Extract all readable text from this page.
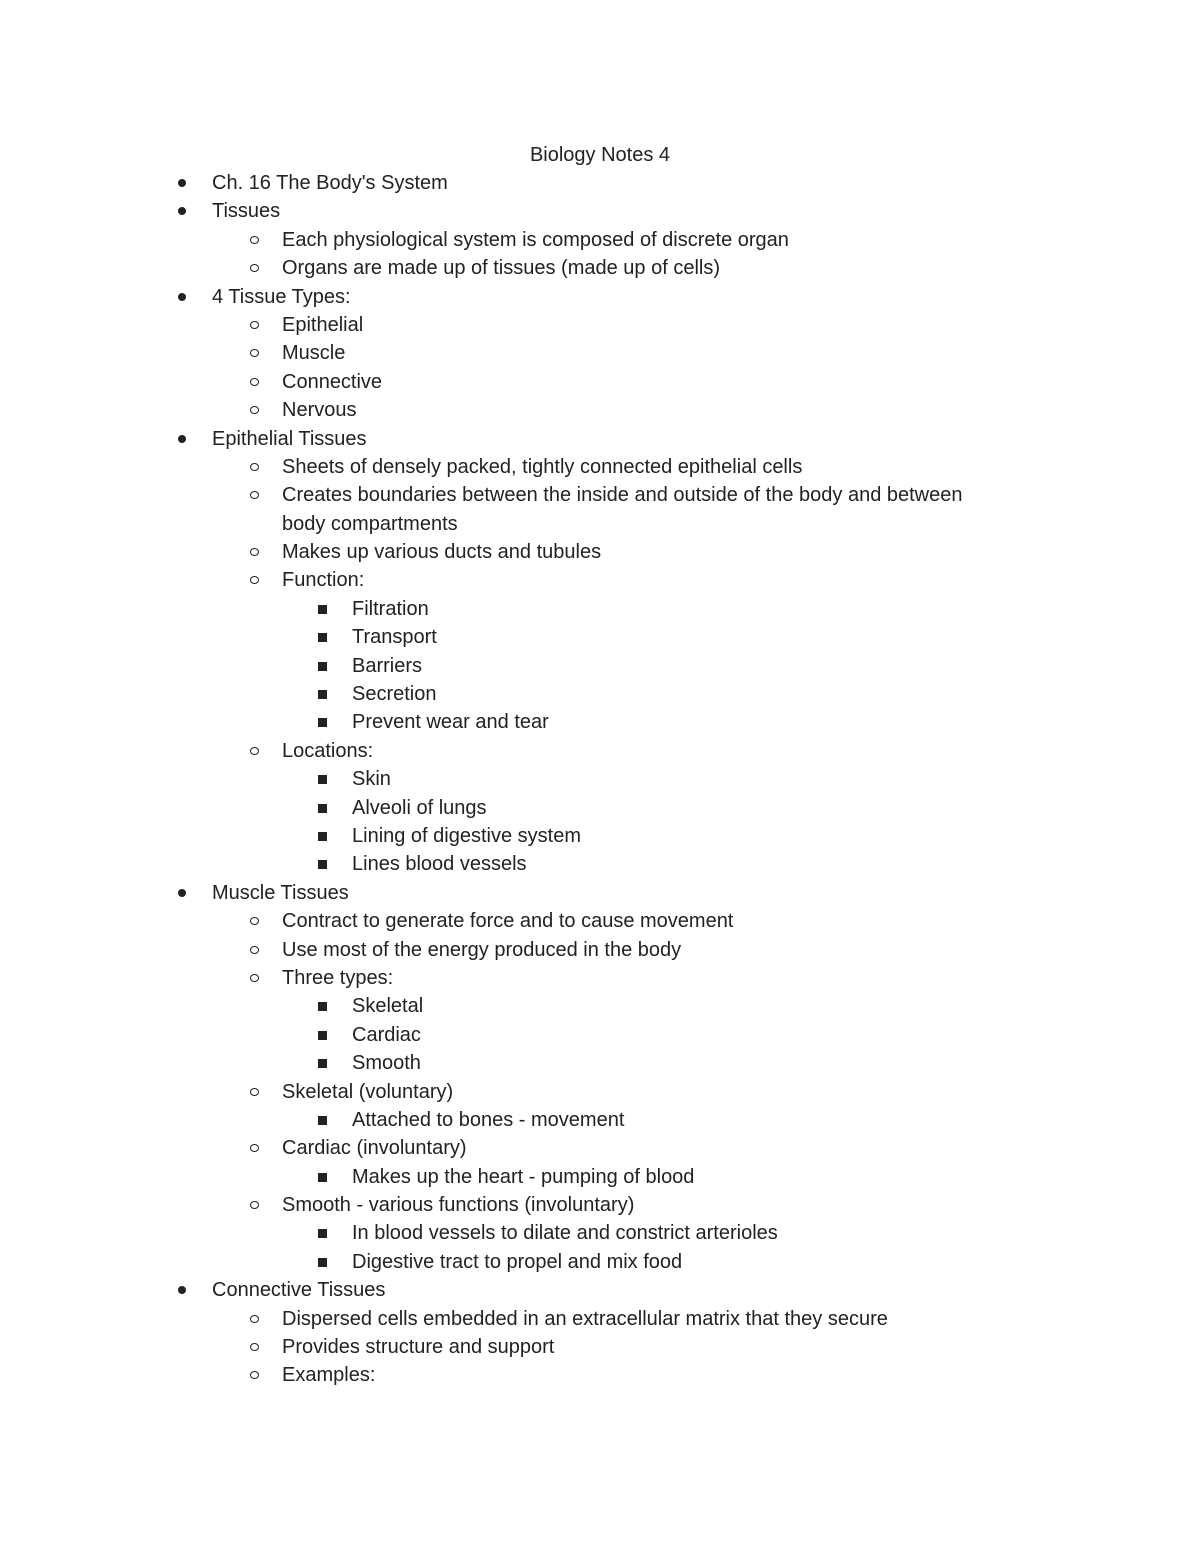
Biology Notes 4
Ch. 16 The Body's System
Tissues
Each physiological system is composed of discrete organ
Organs are made up of tissues (made up of cells)
4 Tissue Types:
Epithelial
Muscle
Connective
Nervous
Epithelial Tissues
Sheets of densely packed, tightly connected epithelial cells
Creates boundaries between the inside and outside of the body and between
body compartments
Makes up various ducts and tubules
Function:
Filtration
Transport
Barriers
Secretion
Prevent wear and tear
Locations:
Skin
Alveoli of lungs
Lining of digestive system
Lines blood vessels
Muscle Tissues
Contract to generate force and to cause movement
Use most of the energy produced in the body
Three types:
Skeletal
Cardiac
Smooth
Skeletal (voluntary)
Attached to bones - movement
Cardiac (involuntary)
Makes up the heart - pumping of blood
Smooth - various functions (involuntary)
In blood vessels to dilate and constrict arterioles
Digestive tract to propel and mix food
Connective Tissues
Dispersed cells embedded in an extracellular matrix that they secure
Provides structure and support
Examples:
